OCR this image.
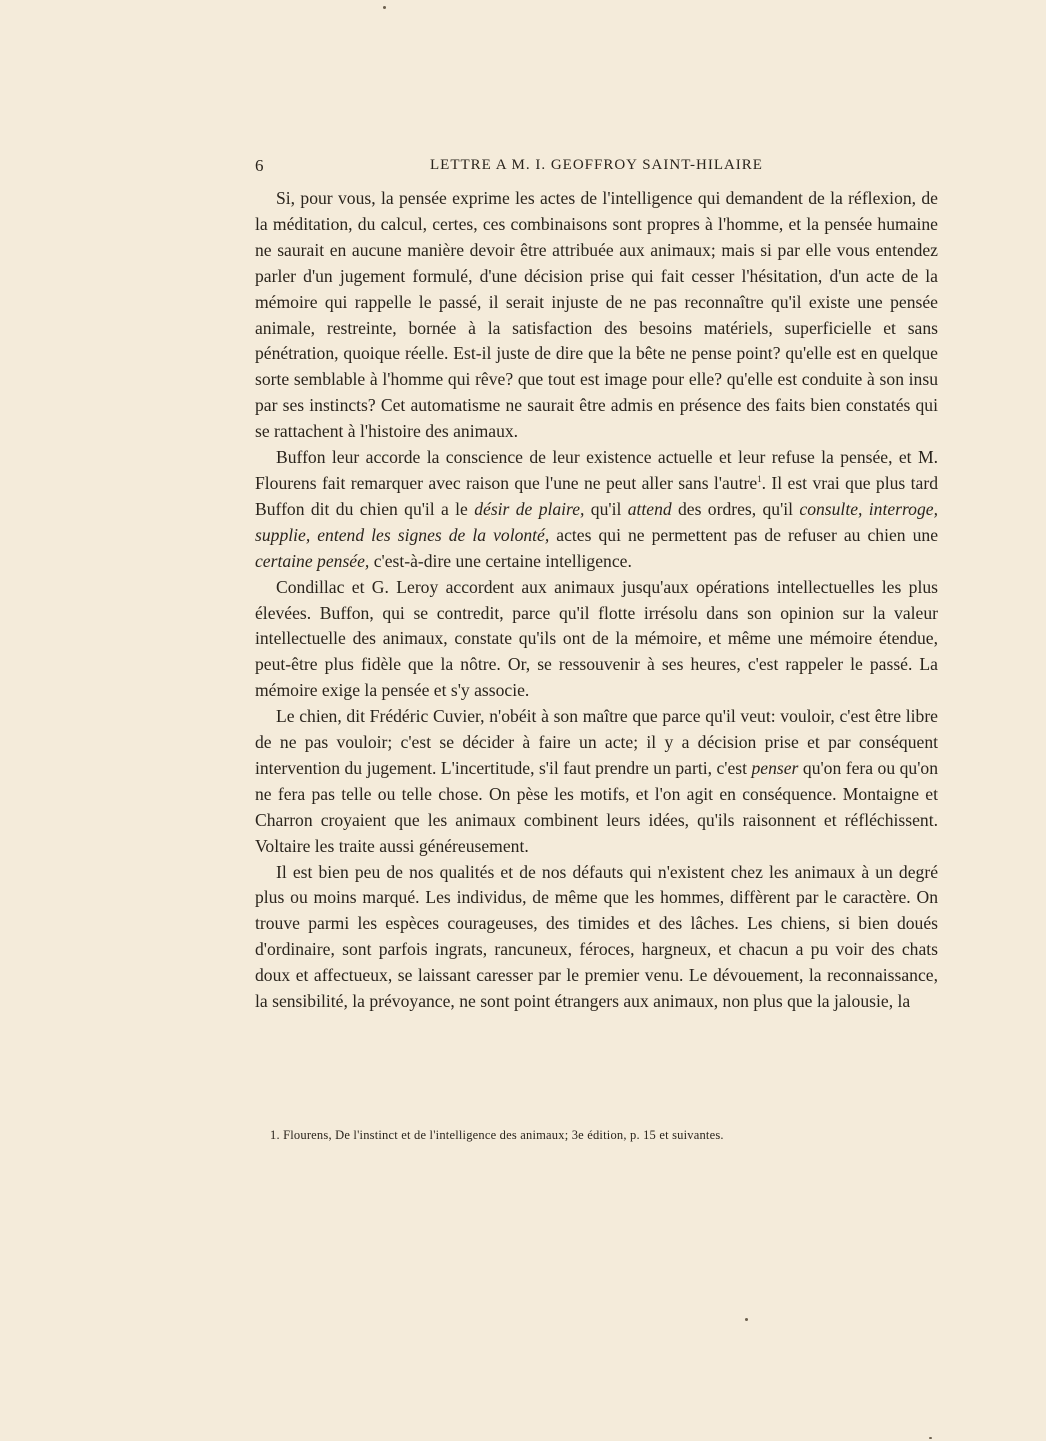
6	LETTRE A M. I. GEOFFROY SAINT-HILAIRE

Si, pour vous, la pensée exprime les actes de l'intelligence qui demandent de la réflexion, de la méditation, du calcul, certes, ces combinaisons sont propres à l'homme, et la pensée humaine ne saurait en aucune manière devoir être attribuée aux animaux; mais si par elle vous entendez parler d'un jugement formulé, d'une décision prise qui fait cesser l'hésitation, d'un acte de la mémoire qui rappelle le passé, il serait injuste de ne pas reconnaître qu'il existe une pensée animale, restreinte, bornée à la satisfaction des besoins matériels, superficielle et sans pénétration, quoique réelle. Est-il juste de dire que la bête ne pense point? qu'elle est en quelque sorte semblable à l'homme qui rêve? que tout est image pour elle? qu'elle est conduite à son insu par ses instincts? Cet automatisme ne saurait être admis en présence des faits bien constatés qui se rattachent à l'histoire des animaux.

Buffon leur accorde la conscience de leur existence actuelle et leur refuse la pensée, et M. Flourens fait remarquer avec raison que l'une ne peut aller sans l'autre$^1$. Il est vrai que plus tard Buffon dit du chien qu'il a le désir de plaire, qu'il attend des ordres, qu'il consulte, interroge, supplie, entend les signes de la volonté, actes qui ne permettent pas de refuser au chien une certaine pensée, c'est-à-dire une certaine intelligence.

Condillac et G. Leroy accordent aux animaux jusqu'aux opérations intellectuelles les plus élevées. Buffon, qui se contredit, parce qu'il flotte irrésolu dans son opinion sur la valeur intellectuelle des animaux, constate qu'ils ont de la mémoire, et même une mémoire étendue, peut-être plus fidèle que la nôtre. Or, se ressouvenir à ses heures, c'est rappeler le passé. La mémoire exige la pensée et s'y associe.

Le chien, dit Frédéric Cuvier, n'obéit à son maître que parce qu'il veut: vouloir, c'est être libre de ne pas vouloir; c'est se décider à faire un acte; il y a décision prise et par conséquent intervention du jugement. L'incertitude, s'il faut prendre un parti, c'est penser qu'on fera ou qu'on ne fera pas telle ou telle chose. On pèse les motifs, et l'on agit en conséquence. Montaigne et Charron croyaient que les animaux combinent leurs idées, qu'ils raisonnent et réfléchissent. Voltaire les traite aussi généreusement.

Il est bien peu de nos qualités et de nos défauts qui n'existent chez les animaux à un degré plus ou moins marqué. Les individus, de même que les hommes, diffèrent par le caractère. On trouve parmi les espèces courageuses, des timides et des lâches. Les chiens, si bien doués d'ordinaire, sont parfois ingrats, rancuneux, féroces, hargneux, et chacun a pu voir des chats doux et affectueux, se laissant caresser par le premier venu. Le dévouement, la reconnaissance, la sensibilité, la prévoyance, ne sont point étrangers aux animaux, non plus que la jalousie, la

1. Flourens, De l'instinct et de l'intelligence des animaux; 3e édition, p. 15 et suivantes.
